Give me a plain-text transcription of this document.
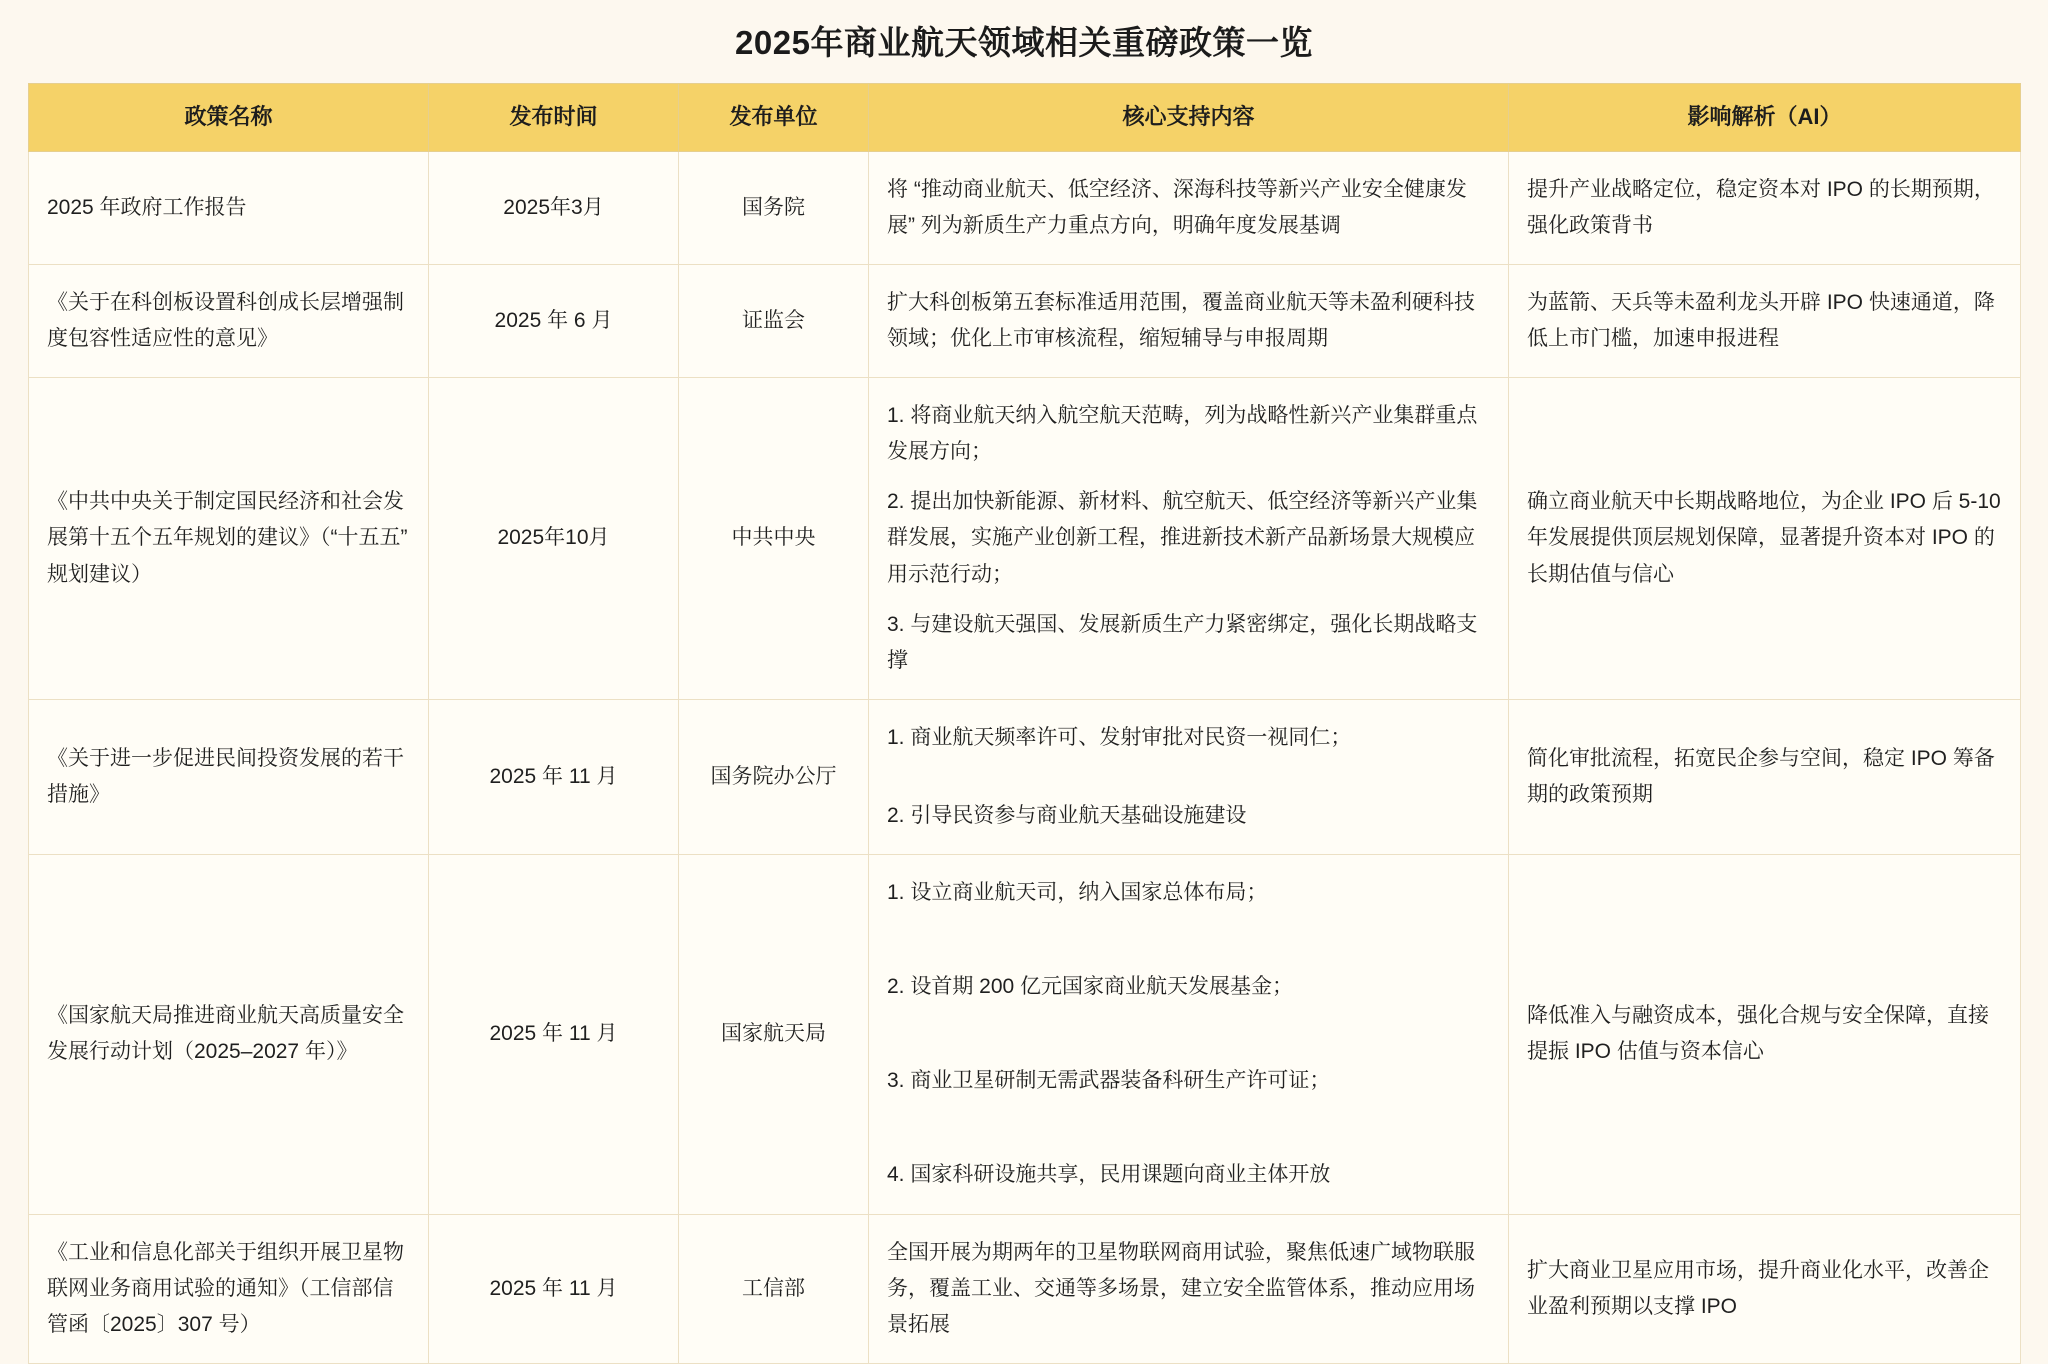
2025年商业航天领域相关重磅政策一览
政策名称	发布时间	发布单位	核心支持内容	影响解析（AI）
2025 年政府工作报告	2025年3月	国务院	将 “推动商业航天、低空经济、深海科技等新兴产业安全健康发展” 列为新质生产力重点方向，明确年度发展基调	提升产业战略定位，稳定资本对 IPO 的长期预期，强化政策背书

《关于在科创板设置科创成长层增强制度包容性适应性的意见》	2025 年 6 月	证监会	扩大科创板第五套标准适用范围，覆盖商业航天等未盈利硬科技领域；优化上市审核流程，缩短辅导与申报周期	为蓝箭、天兵等未盈利龙头开辟 IPO 快速通道，降低上市门槛，加速申报进程

《中共中央关于制定国民经济和社会发展第十五个五年规划的建议》（“十五五” 规划建议）	2025年10月	中共中央	1. 将商业航天纳入航空航天范畴，列为战略性新兴产业集群重点发展方向；

2. 提出加快新能源、新材料、航空航天、低空经济等新兴产业集群发展，实施产业创新工程，推进新技术新产品新场景大规模应用示范行动；

3. 与建设航天强国、发展新质生产力紧密绑定，强化长期战略支撑	确立商业航天中长期战略地位，为企业 IPO 后 5-10 年发展提供顶层规划保障，显著提升资本对 IPO 的长期估值与信心

《关于进一步促进民间投资发展的若干措施》	2025 年 11 月	国务院办公厅	1. 商业航天频率许可、发射审批对民资一视同仁；

2. 引导民资参与商业航天基础设施建设	简化审批流程，拓宽民企参与空间，稳定 IPO 筹备期的政策预期

《国家航天局推进商业航天高质量安全发展行动计划（2025–2027 年）》	2025 年 11 月	国家航天局	1. 设立商业航天司，纳入国家总体布局；

2. 设首期 200 亿元国家商业航天发展基金；

3. 商业卫星研制无需武器装备科研生产许可证；

4. 国家科研设施共享，民用课题向商业主体开放	降低准入与融资成本，强化合规与安全保障，直接提振 IPO 估值与资本信心

《工业和信息化部关于组织开展卫星物联网业务商用试验的通知》（工信部信管函〔2025〕307 号）	2025 年 11 月	工信部	全国开展为期两年的卫星物联网商用试验，聚焦低速广域物联服务，覆盖工业、交通等多场景，建立安全监管体系，推动应用场景拓展	扩大商业卫星应用市场，提升商业化水平，改善企业盈利预期以支撑 IPO
